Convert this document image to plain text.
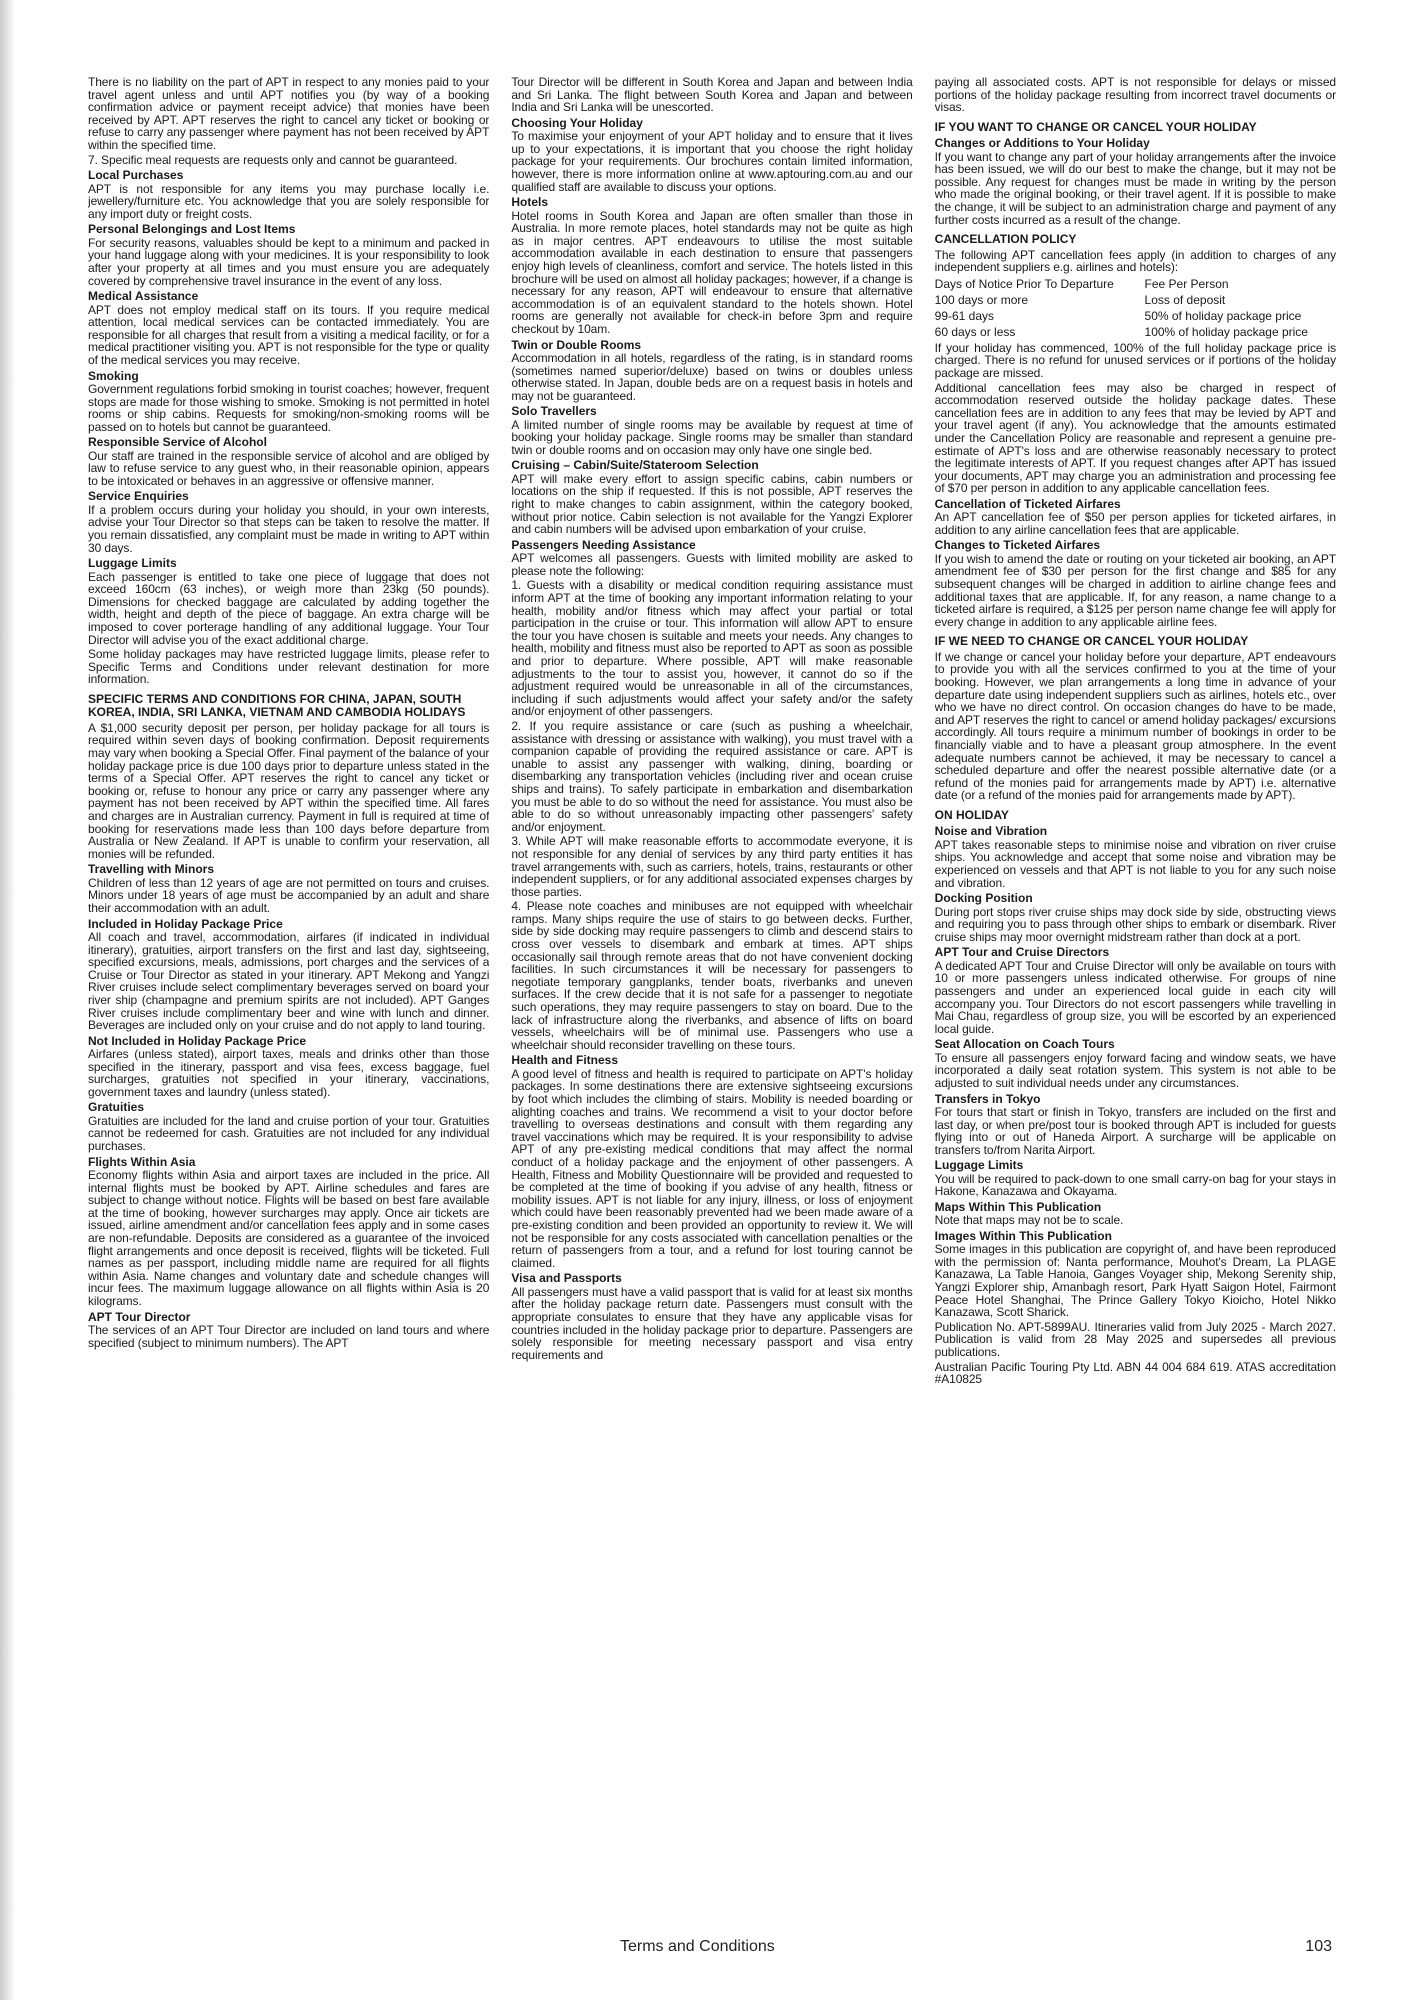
There is no liability on the part of APT in respect to any monies paid to your travel agent unless and until APT notifies you (by way of a booking confirmation advice or payment receipt advice) that monies have been received by APT. APT reserves the right to cancel any ticket or booking or refuse to carry any passenger where payment has not been received by APT within the specified time.

7. Specific meal requests are requests only and cannot be guaranteed.

Local Purchases

APT is not responsible for any items you may purchase locally i.e. jewellery/furniture etc. You acknowledge that you are solely responsible for any import duty or freight costs.

Personal Belongings and Lost Items

For security reasons, valuables should be kept to a minimum and packed in your hand luggage along with your medicines. It is your responsibility to look after your property at all times and you must ensure you are adequately covered by comprehensive travel insurance in the event of any loss.

Medical Assistance

APT does not employ medical staff on its tours. If you require medical attention, local medical services can be contacted immediately. You are responsible for all charges that result from a visiting a medical facility, or for a medical practitioner visiting you. APT is not responsible for the type or quality of the medical services you may receive.

Smoking

Government regulations forbid smoking in tourist coaches; however, frequent stops are made for those wishing to smoke. Smoking is not permitted in hotel rooms or ship cabins. Requests for smoking/non-smoking rooms will be passed on to hotels but cannot be guaranteed.

Responsible Service of Alcohol

Our staff are trained in the responsible service of alcohol and are obliged by law to refuse service to any guest who, in their reasonable opinion, appears to be intoxicated or behaves in an aggressive or offensive manner.

Service Enquiries

If a problem occurs during your holiday you should, in your own interests, advise your Tour Director so that steps can be taken to resolve the matter. If you remain dissatisfied, any complaint must be made in writing to APT within 30 days.

Luggage Limits

Each passenger is entitled to take one piece of luggage that does not exceed 160cm (63 inches), or weigh more than 23kg (50 pounds). Dimensions for checked baggage are calculated by adding together the width, height and depth of the piece of baggage. An extra charge will be imposed to cover porterage handling of any additional luggage. Your Tour Director will advise you of the exact additional charge.

Some holiday packages may have restricted luggage limits, please refer to Specific Terms and Conditions under relevant destination for more information.

SPECIFIC TERMS AND CONDITIONS FOR CHINA, JAPAN, SOUTH KOREA, INDIA, SRI LANKA, VIETNAM AND CAMBODIA HOLIDAYS

A $1,000 security deposit per person, per holiday package for all tours is required within seven days of booking confirmation. Deposit requirements may vary when booking a Special Offer. Final payment of the balance of your holiday package price is due 100 days prior to departure unless stated in the terms of a Special Offer. APT reserves the right to cancel any ticket or booking or, refuse to honour any price or carry any passenger where any payment has not been received by APT within the specified time. All fares and charges are in Australian currency. Payment in full is required at time of booking for reservations made less than 100 days before departure from Australia or New Zealand. If APT is unable to confirm your reservation, all monies will be refunded.

Travelling with Minors

Children of less than 12 years of age are not permitted on tours and cruises. Minors under 18 years of age must be accompanied by an adult and share their accommodation with an adult.

Included in Holiday Package Price

All coach and travel, accommodation, airfares (if indicated in individual itinerary), gratuities, airport transfers on the first and last day, sightseeing, specified excursions, meals, admissions, port charges and the services of a Cruise or Tour Director as stated in your itinerary. APT Mekong and Yangzi River cruises include select complimentary beverages served on board your river ship (champagne and premium spirits are not included). APT Ganges River cruises include complimentary beer and wine with lunch and dinner. Beverages are included only on your cruise and do not apply to land touring.

Not Included in Holiday Package Price

Airfares (unless stated), airport taxes, meals and drinks other than those specified in the itinerary, passport and visa fees, excess baggage, fuel surcharges, gratuities not specified in your itinerary, vaccinations, government taxes and laundry (unless stated).

Gratuities

Gratuities are included for the land and cruise portion of your tour. Gratuities cannot be redeemed for cash. Gratuities are not included for any individual purchases.

Flights Within Asia

Economy flights within Asia and airport taxes are included in the price. All internal flights must be booked by APT. Airline schedules and fares are subject to change without notice. Flights will be based on best fare available at the time of booking, however surcharges may apply. Once air tickets are issued, airline amendment and/or cancellation fees apply and in some cases are non-refundable. Deposits are considered as a guarantee of the invoiced flight arrangements and once deposit is received, flights will be ticketed. Full names as per passport, including middle name are required for all flights within Asia. Name changes and voluntary date and schedule changes will incur fees. The maximum luggage allowance on all flights within Asia is 20 kilograms.

APT Tour Director

The services of an APT Tour Director are included on land tours and where specified (subject to minimum numbers). The APT

Tour Director will be different in South Korea and Japan and between India and Sri Lanka. The flight between South Korea and Japan and between India and Sri Lanka will be unescorted.

Choosing Your Holiday

To maximise your enjoyment of your APT holiday and to ensure that it lives up to your expectations, it is important that you choose the right holiday package for your requirements. Our brochures contain limited information, however, there is more information online at www.aptouring.com.au and our qualified staff are available to discuss your options.

Hotels

Hotel rooms in South Korea and Japan are often smaller than those in Australia. In more remote places, hotel standards may not be quite as high as in major centres. APT endeavours to utilise the most suitable accommodation available in each destination to ensure that passengers enjoy high levels of cleanliness, comfort and service. The hotels listed in this brochure will be used on almost all holiday packages; however, if a change is necessary for any reason, APT will endeavour to ensure that alternative accommodation is of an equivalent standard to the hotels shown. Hotel rooms are generally not available for check-in before 3pm and require checkout by 10am.

Twin or Double Rooms

Accommodation in all hotels, regardless of the rating, is in standard rooms (sometimes named superior/deluxe) based on twins or doubles unless otherwise stated. In Japan, double beds are on a request basis in hotels and may not be guaranteed.

Solo Travellers

A limited number of single rooms may be available by request at time of booking your holiday package. Single rooms may be smaller than standard twin or double rooms and on occasion may only have one single bed.

Cruising – Cabin/Suite/Stateroom Selection

APT will make every effort to assign specific cabins, cabin numbers or locations on the ship if requested. If this is not possible, APT reserves the right to make changes to cabin assignment, within the category booked, without prior notice. Cabin selection is not available for the Yangzi Explorer and cabin numbers will be advised upon embarkation of your cruise.

Passengers Needing Assistance

APT welcomes all passengers. Guests with limited mobility are asked to please note the following:

1. Guests with a disability or medical condition requiring assistance must inform APT at the time of booking any important information relating to your health, mobility and/or fitness which may affect your partial or total participation in the cruise or tour. This information will allow APT to ensure the tour you have chosen is suitable and meets your needs. Any changes to health, mobility and fitness must also be reported to APT as soon as possible and prior to departure. Where possible, APT will make reasonable adjustments to the tour to assist you, however, it cannot do so if the adjustment required would be unreasonable in all of the circumstances, including if such adjustments would affect your safety and/or the safety and/or enjoyment of other passengers.

2. If you require assistance or care (such as pushing a wheelchair, assistance with dressing or assistance with walking), you must travel with a companion capable of providing the required assistance or care. APT is unable to assist any passenger with walking, dining, boarding or disembarking any transportation vehicles (including river and ocean cruise ships and trains). To safely participate in embarkation and disembarkation you must be able to do so without the need for assistance. You must also be able to do so without unreasonably impacting other passengers' safety and/or enjoyment.

3. While APT will make reasonable efforts to accommodate everyone, it is not responsible for any denial of services by any third party entities it has travel arrangements with, such as carriers, hotels, trains, restaurants or other independent suppliers, or for any additional associated expenses charges by those parties.

4. Please note coaches and minibuses are not equipped with wheelchair ramps. Many ships require the use of stairs to go between decks. Further, side by side docking may require passengers to climb and descend stairs to cross over vessels to disembark and embark at times. APT ships occasionally sail through remote areas that do not have convenient docking facilities. In such circumstances it will be necessary for passengers to negotiate temporary gangplanks, tender boats, riverbanks and uneven surfaces. If the crew decide that it is not safe for a passenger to negotiate such operations, they may require passengers to stay on board. Due to the lack of infrastructure along the riverbanks, and absence of lifts on board vessels, wheelchairs will be of minimal use. Passengers who use a wheelchair should reconsider travelling on these tours.

Health and Fitness

A good level of fitness and health is required to participate on APT's holiday packages. In some destinations there are extensive sightseeing excursions by foot which includes the climbing of stairs. Mobility is needed boarding or alighting coaches and trains. We recommend a visit to your doctor before travelling to overseas destinations and consult with them regarding any travel vaccinations which may be required. It is your responsibility to advise APT of any pre-existing medical conditions that may affect the normal conduct of a holiday package and the enjoyment of other passengers. A Health, Fitness and Mobility Questionnaire will be provided and requested to be completed at the time of booking if you advise of any health, fitness or mobility issues. APT is not liable for any injury, illness, or loss of enjoyment which could have been reasonably prevented had we been made aware of a pre-existing condition and been provided an opportunity to review it. We will not be responsible for any costs associated with cancellation penalties or the return of passengers from a tour, and a refund for lost touring cannot be claimed.

Visa and Passports

All passengers must have a valid passport that is valid for at least six months after the holiday package return date. Passengers must consult with the appropriate consulates to ensure that they have any applicable visas for countries included in the holiday package prior to departure. Passengers are solely responsible for meeting necessary passport and visa entry requirements and

paying all associated costs. APT is not responsible for delays or missed portions of the holiday package resulting from incorrect travel documents or visas.

IF YOU WANT TO CHANGE OR CANCEL YOUR HOLIDAY
Changes or Additions to Your Holiday

If you want to change any part of your holiday arrangements after the invoice has been issued, we will do our best to make the change, but it may not be possible. Any request for changes must be made in writing by the person who made the original booking, or their travel agent. If it is possible to make the change, it will be subject to an administration charge and payment of any further costs incurred as a result of the change.

CANCELLATION POLICY

The following APT cancellation fees apply (in addition to charges of any independent suppliers e.g. airlines and hotels):

Days of Notice Prior To Departure	Fee Per Person
100 days or more	Loss of deposit
99-61 days	50% of holiday package price
60 days or less	100% of holiday package price

If your holiday has commenced, 100% of the full holiday package price is charged. There is no refund for unused services or if portions of the holiday package are missed.

Additional cancellation fees may also be charged in respect of accommodation reserved outside the holiday package dates. These cancellation fees are in addition to any fees that may be levied by APT and your travel agent (if any). You acknowledge that the amounts estimated under the Cancellation Policy are reasonable and represent a genuine pre-estimate of APT's loss and are otherwise reasonably necessary to protect the legitimate interests of APT. If you request changes after APT has issued your documents, APT may charge you an administration and processing fee of $70 per person in addition to any applicable cancellation fees.

Cancellation of Ticketed Airfares

An APT cancellation fee of $50 per person applies for ticketed airfares, in addition to any airline cancellation fees that are applicable.

Changes to Ticketed Airfares

If you wish to amend the date or routing on your ticketed air booking, an APT amendment fee of $30 per person for the first change and $85 for any subsequent changes will be charged in addition to airline change fees and additional taxes that are applicable. If, for any reason, a name change to a ticketed airfare is required, a $125 per person name change fee will apply for every change in addition to any applicable airline fees.

IF WE NEED TO CHANGE OR CANCEL YOUR HOLIDAY

If we change or cancel your holiday before your departure, APT endeavours to provide you with all the services confirmed to you at the time of your booking. However, we plan arrangements a long time in advance of your departure date using independent suppliers such as airlines, hotels etc., over who we have no direct control. On occasion changes do have to be made, and APT reserves the right to cancel or amend holiday packages/ excursions accordingly. All tours require a minimum number of bookings in order to be financially viable and to have a pleasant group atmosphere. In the event adequate numbers cannot be achieved, it may be necessary to cancel a scheduled departure and offer the nearest possible alternative date (or a refund of the monies paid for arrangements made by APT) i.e. alternative date (or a refund of the monies paid for arrangements made by APT).

ON HOLIDAY
Noise and Vibration

APT takes reasonable steps to minimise noise and vibration on river cruise ships. You acknowledge and accept that some noise and vibration may be experienced on vessels and that APT is not liable to you for any such noise and vibration.

Docking Position

During port stops river cruise ships may dock side by side, obstructing views and requiring you to pass through other ships to embark or disembark. River cruise ships may moor overnight midstream rather than dock at a port.

APT Tour and Cruise Directors

A dedicated APT Tour and Cruise Director will only be available on tours with 10 or more passengers unless indicated otherwise. For groups of nine passengers and under an experienced local guide in each city will accompany you. Tour Directors do not escort passengers while travelling in Mai Chau, regardless of group size, you will be escorted by an experienced local guide.

Seat Allocation on Coach Tours

To ensure all passengers enjoy forward facing and window seats, we have incorporated a daily seat rotation system. This system is not able to be adjusted to suit individual needs under any circumstances.

Transfers in Tokyo

For tours that start or finish in Tokyo, transfers are included on the first and last day, or when pre/post tour is booked through APT is included for guests flying into or out of Haneda Airport. A surcharge will be applicable on transfers to/from Narita Airport.

Luggage Limits

You will be required to pack-down to one small carry-on bag for your stays in Hakone, Kanazawa and Okayama.

Maps Within This Publication

Note that maps may not be to scale.

Images Within This Publication

Some images in this publication are copyright of, and have been reproduced with the permission of: Nanta performance, Mouhot's Dream, La PLAGE Kanazawa, La Table Hanoia, Ganges Voyager ship, Mekong Serenity ship, Yangzi Explorer ship, Amanbagh resort, Park Hyatt Saigon Hotel, Fairmont Peace Hotel Shanghai, The Prince Gallery Tokyo Kioicho, Hotel Nikko Kanazawa, Scott Sharick.

Publication No. APT-5899AU. Itineraries valid from July 2025 - March 2027. Publication is valid from 28 May 2025 and supersedes all previous publications.

Australian Pacific Touring Pty Ltd. ABN 44 004 684 619. ATAS accreditation #A10825

Terms and Conditions	103
